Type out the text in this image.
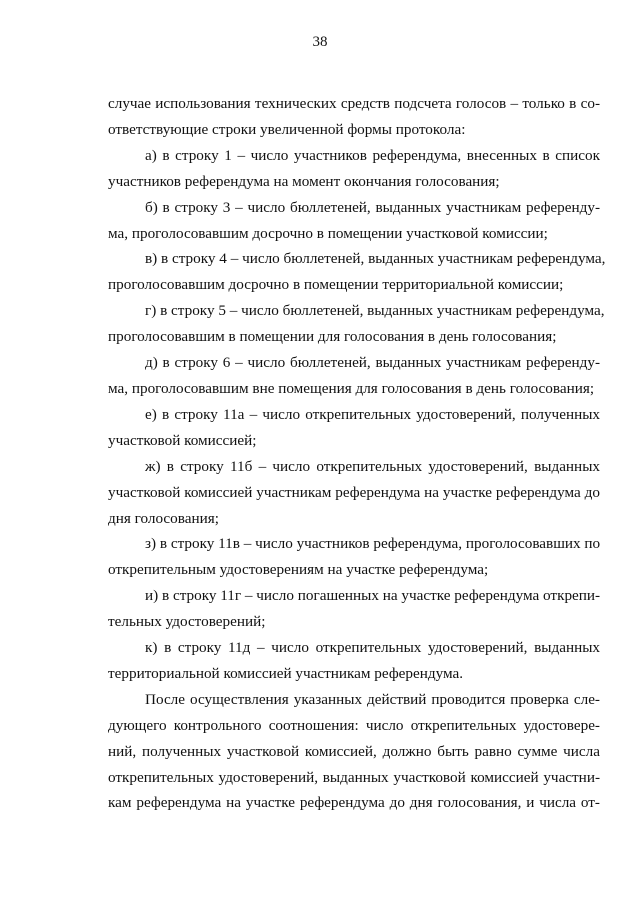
38

случае использования технических средств подсчета голосов – только в со-
ответствующие строки увеличенной формы протокола:

а) в строку 1 – число участников референдума, внесенных в список
участников референдума на момент окончания голосования;

б) в строку 3 – число бюллетеней, выданных участникам референду-
ма, проголосовавшим досрочно в помещении участковой комиссии;

в) в строку 4 – число бюллетеней, выданных участникам референдума,
проголосовавшим досрочно в помещении территориальной комиссии;

г) в строку 5 – число бюллетеней, выданных участникам референдума,
проголосовавшим в помещении для голосования в день голосования;

д) в строку 6 – число бюллетеней, выданных участникам референду-
ма, проголосовавшим вне помещения для голосования в день голосования;

е) в строку 11а – число открепительных удостоверений, полученных
участковой комиссией;

ж) в строку 11б – число открепительных удостоверений, выданных
участковой комиссией участникам референдума на участке референдума до
дня голосования;

з) в строку 11в – число участников референдума, проголосовавших по
открепительным удостоверениям на участке референдума;

и) в строку 11г – число погашенных на участке референдума открепи-
тельных удостоверений;

к) в строку 11д – число открепительных удостоверений, выданных
территориальной комиссией участникам референдума.

После осуществления указанных действий проводится проверка сле-
дующего контрольного соотношения: число открепительных удостовере-
ний, полученных участковой комиссией, должно быть равно сумме числа
открепительных удостоверений, выданных участковой комиссией участни-
кам референдума на участке референдума до дня голосования, и числа от-
